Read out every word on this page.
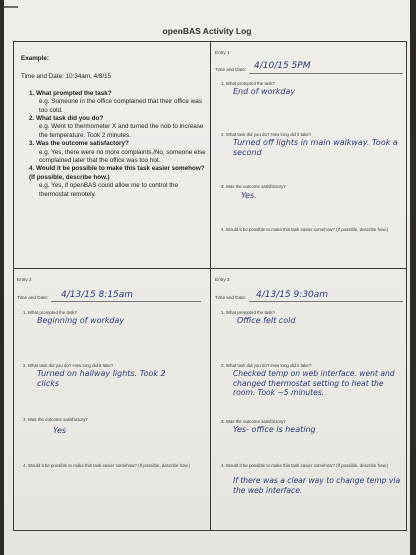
openBAS Activity Log
Example:
Time and Date: 10:34am, 4/8/15
1. What prompted the task?
e.g. Someone in the office complained that their office was too cold.
2. What task did you do?
e.g. Went to thermometer X and turned the nob to increase the temperature. Took 2 minutes.
3. Was the outcome satisfactory?
e.g. Yes, there were no more complaints./No, someone else complained later that the office was too hot.
4. Would it be possible to make this task easier somehow? (If possible, describe how.)
e.g. Yes, if openBAS could allow me to control the thermostat remotely.
Entry 1
Time and Date: 4/10/15 5PM
1. What prompted the task?
End of workday
2. What task did you do? How long did it take?
Turned off lights in main walkway. Took a second
3. Was the outcome satisfactory?
Yes.
4. Would it be possible to make this task easier somehow? (If possible, describe how.)
Entry 2
Time and Date: 4/13/15 8:15am
1. What prompted the task?
Beginning of workday
2. What task did you do? How long did it take?
Turned on hallway lights. Took 2 clicks
3. Was the outcome satisfactory?
Yes
4. Would it be possible to make this task easier somehow? (If possible, describe how.)
Entry 3
Time and Date: 4/13/15 9:30am
1. What prompted the task?
Office felt cold
2. What task did you do? How long did it take?
Checked temp on web interface. went and changed thermostat setting to heat the room. Took ~5 minutes.
3. Was the outcome satisfactory?
Yes- office is heating
4. Would it be possible to make this task easier somehow? (If possible, describe how.)
If there was a clear way to change temp via the web interface.
